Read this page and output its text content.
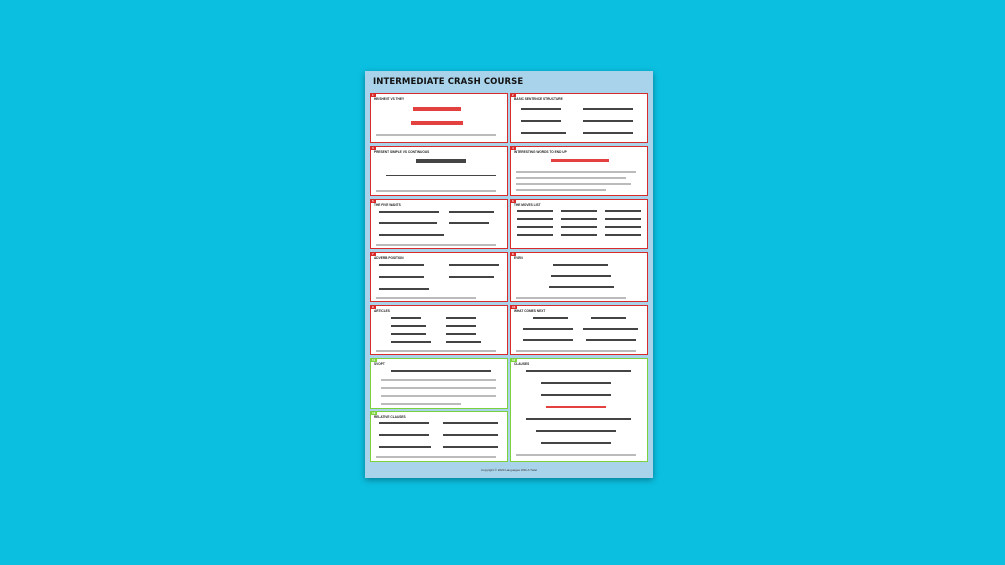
INTERMEDIATE CRASH COURSE
1
HE/SHE/IT VS THEY
2
BASIC SENTENCE STRUCTURE
3
PRESENT SIMPLE VS CONTINUOUS
4
INTERESTING WORDS TO END UP
5
THE FIVE WANTS
6
THE MOVES LIST
7
ADVERB POSITION
8
EVEN
9
ARTICLES
10
WHAT COMES NEXT
11
SVOPT
12
CLAUSES
13
RELATIVE CLAUSES
Copyright © 2020 Languages With A Twist
